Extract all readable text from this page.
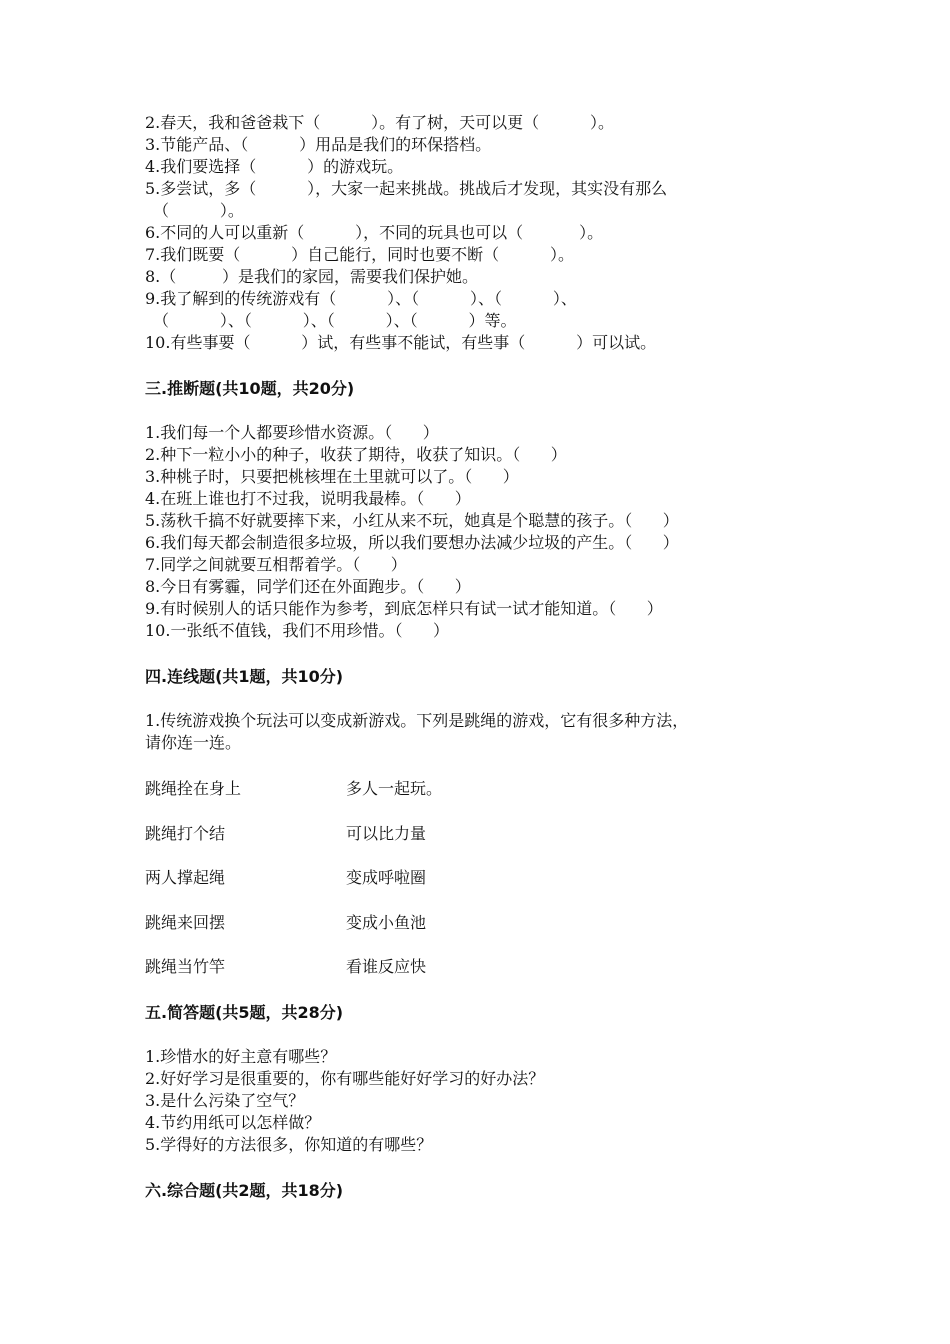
2.春天，我和爸爸栽下（          ）。有了树，天可以更（          ）。
3.节能产品、（          ）用品是我们的环保搭档。
4.我们要选择（          ）的游戏玩。
5.多尝试，多（          ），大家一起来挑战。挑战后才发现，其实没有那么
（          ）。
6.不同的人可以重新（          ），不同的玩具也可以（           ）。
7.我们既要（          ）自己能行，同时也要不断（          ）。
8.（         ）是我们的家园，需要我们保护她。
9.我了解到的传统游戏有（          ）、（          ）、（          ）、
（          ）、（          ）、（          ）、（          ）等。
10.有些事要（          ）试，有些事不能试，有些事（          ）可以试。
三.推断题(共10题，共20分)
1.我们每一个人都要珍惜水资源。（      ）
2.种下一粒小小的种子，收获了期待，收获了知识。（      ）
3.种桃子时，只要把桃核埋在土里就可以了。（      ）
4.在班上谁也打不过我，说明我最棒。（      ）
5.荡秋千搞不好就要摔下来，小红从来不玩，她真是个聪慧的孩子。（      ）
6.我们每天都会制造很多垃圾，所以我们要想办法减少垃圾的产生。（      ）
7.同学之间就要互相帮着学。（      ）
8.今日有雾霾，同学们还在外面跑步。（      ）
9.有时候别人的话只能作为参考，到底怎样只有试一试才能知道。（      ）
10.一张纸不值钱，我们不用珍惜。（      ）
四.连线题(共1题，共10分)
1.传统游戏换个玩法可以变成新游戏。下列是跳绳的游戏，它有很多种方法，
请你连一连。
跳绳拴在身上	多人一起玩。
跳绳打个结	可以比力量
两人撑起绳	变成呼啦圈
跳绳来回摆	变成小鱼池
跳绳当竹竿	看谁反应快
五.简答题(共5题，共28分)
1.珍惜水的好主意有哪些？
2.好好学习是很重要的，你有哪些能好好学习的好办法？
3.是什么污染了空气？
4.节约用纸可以怎样做？
5.学得好的方法很多，你知道的有哪些？
六.综合题(共2题，共18分)
